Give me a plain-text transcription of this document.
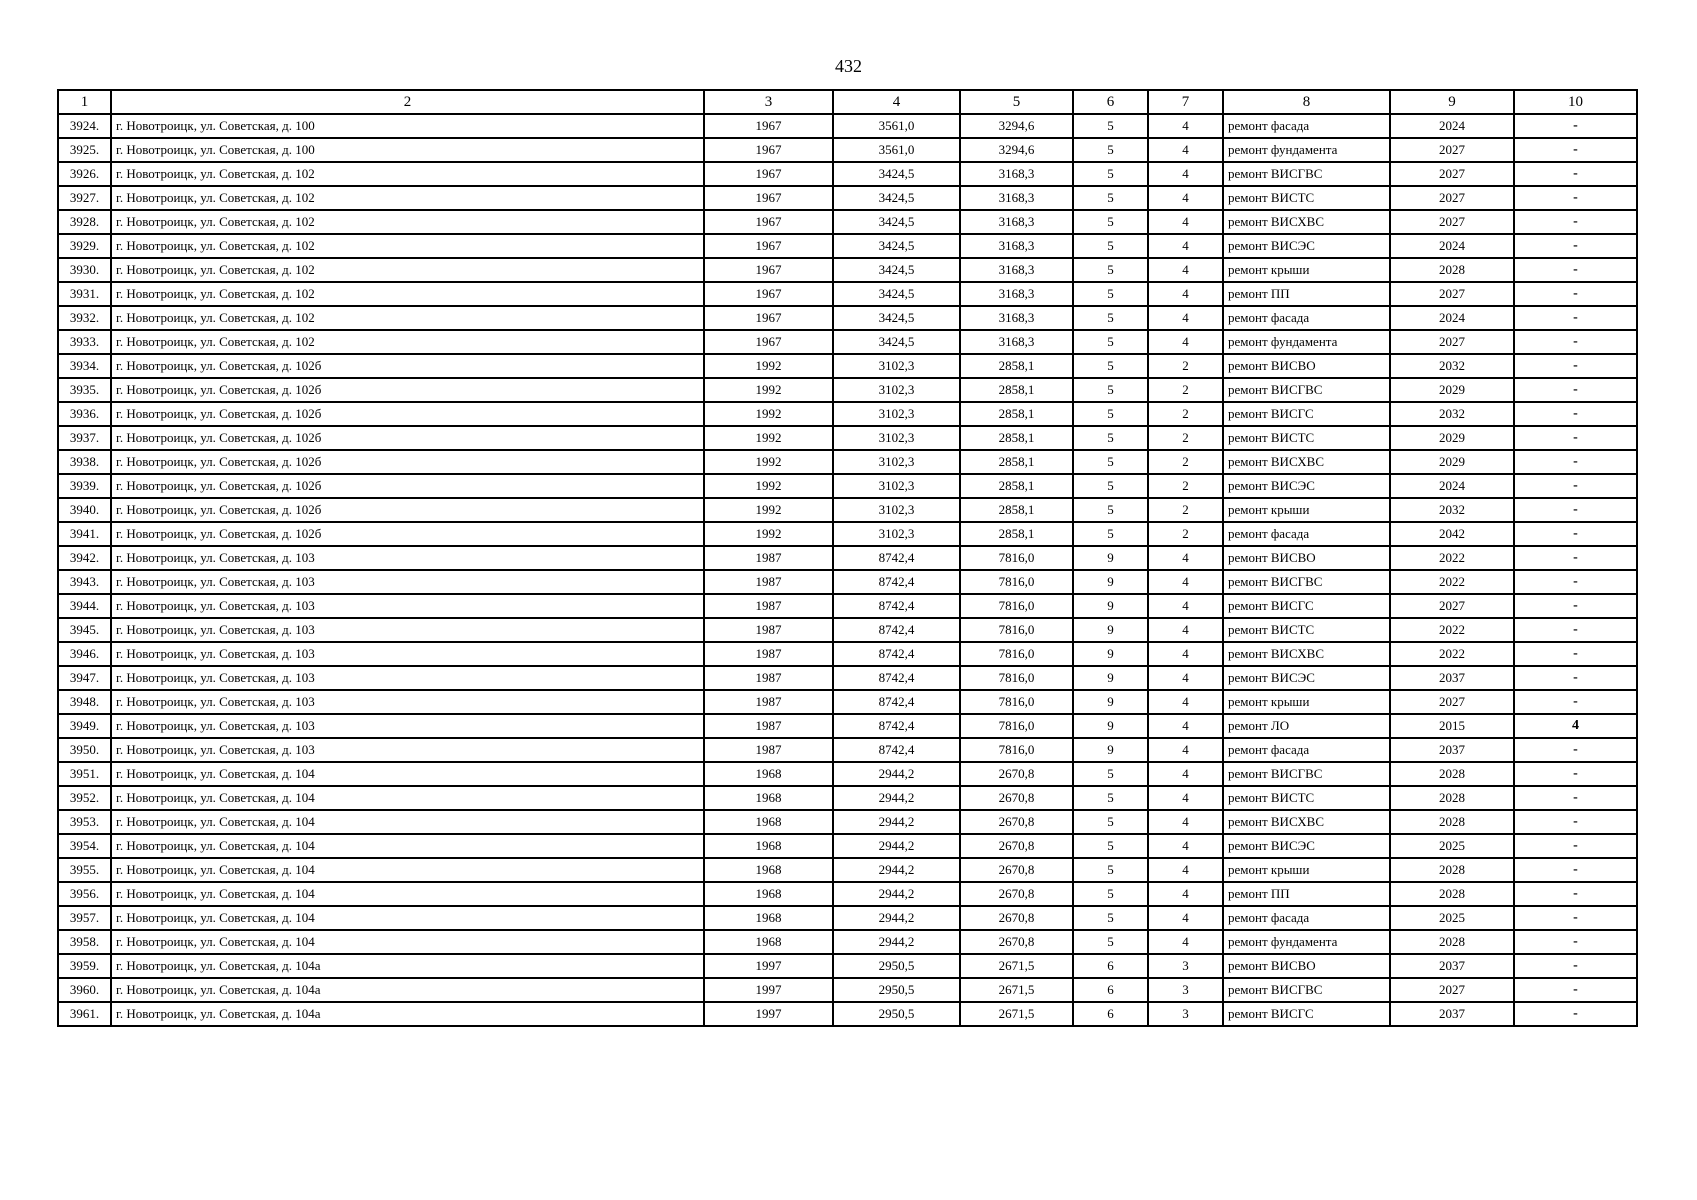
432
1	2	3	4	5	6	7	8	9	10
3924.	г. Новотроицк, ул. Советская, д. 100	1967	3561,0	3294,6	5	4	ремонт фасада	2024	-
3925.	г. Новотроицк, ул. Советская, д. 100	1967	3561,0	3294,6	5	4	ремонт фундамента	2027	-
3926.	г. Новотроицк, ул. Советская, д. 102	1967	3424,5	3168,3	5	4	ремонт ВИСГВС	2027	-
3927.	г. Новотроицк, ул. Советская, д. 102	1967	3424,5	3168,3	5	4	ремонт ВИСТС	2027	-
3928.	г. Новотроицк, ул. Советская, д. 102	1967	3424,5	3168,3	5	4	ремонт ВИСХВС	2027	-
3929.	г. Новотроицк, ул. Советская, д. 102	1967	3424,5	3168,3	5	4	ремонт ВИСЭС	2024	-
3930.	г. Новотроицк, ул. Советская, д. 102	1967	3424,5	3168,3	5	4	ремонт крыши	2028	-
3931.	г. Новотроицк, ул. Советская, д. 102	1967	3424,5	3168,3	5	4	ремонт ПП	2027	-
3932.	г. Новотроицк, ул. Советская, д. 102	1967	3424,5	3168,3	5	4	ремонт фасада	2024	-
3933.	г. Новотроицк, ул. Советская, д. 102	1967	3424,5	3168,3	5	4	ремонт фундамента	2027	-
3934.	г. Новотроицк, ул. Советская, д. 102б	1992	3102,3	2858,1	5	2	ремонт ВИСВО	2032	-
3935.	г. Новотроицк, ул. Советская, д. 102б	1992	3102,3	2858,1	5	2	ремонт ВИСГВС	2029	-
3936.	г. Новотроицк, ул. Советская, д. 102б	1992	3102,3	2858,1	5	2	ремонт ВИСГС	2032	-
3937.	г. Новотроицк, ул. Советская, д. 102б	1992	3102,3	2858,1	5	2	ремонт ВИСТС	2029	-
3938.	г. Новотроицк, ул. Советская, д. 102б	1992	3102,3	2858,1	5	2	ремонт ВИСХВС	2029	-
3939.	г. Новотроицк, ул. Советская, д. 102б	1992	3102,3	2858,1	5	2	ремонт ВИСЭС	2024	-
3940.	г. Новотроицк, ул. Советская, д. 102б	1992	3102,3	2858,1	5	2	ремонт крыши	2032	-
3941.	г. Новотроицк, ул. Советская, д. 102б	1992	3102,3	2858,1	5	2	ремонт фасада	2042	-
3942.	г. Новотроицк, ул. Советская, д. 103	1987	8742,4	7816,0	9	4	ремонт ВИСВО	2022	-
3943.	г. Новотроицк, ул. Советская, д. 103	1987	8742,4	7816,0	9	4	ремонт ВИСГВС	2022	-
3944.	г. Новотроицк, ул. Советская, д. 103	1987	8742,4	7816,0	9	4	ремонт ВИСГС	2027	-
3945.	г. Новотроицк, ул. Советская, д. 103	1987	8742,4	7816,0	9	4	ремонт ВИСТС	2022	-
3946.	г. Новотроицк, ул. Советская, д. 103	1987	8742,4	7816,0	9	4	ремонт ВИСХВС	2022	-
3947.	г. Новотроицк, ул. Советская, д. 103	1987	8742,4	7816,0	9	4	ремонт ВИСЭС	2037	-
3948.	г. Новотроицк, ул. Советская, д. 103	1987	8742,4	7816,0	9	4	ремонт крыши	2027	-
3949.	г. Новотроицк, ул. Советская, д. 103	1987	8742,4	7816,0	9	4	ремонт ЛО	2015	4
3950.	г. Новотроицк, ул. Советская, д. 103	1987	8742,4	7816,0	9	4	ремонт фасада	2037	-
3951.	г. Новотроицк, ул. Советская, д. 104	1968	2944,2	2670,8	5	4	ремонт ВИСГВС	2028	-
3952.	г. Новотроицк, ул. Советская, д. 104	1968	2944,2	2670,8	5	4	ремонт ВИСТС	2028	-
3953.	г. Новотроицк, ул. Советская, д. 104	1968	2944,2	2670,8	5	4	ремонт ВИСХВС	2028	-
3954.	г. Новотроицк, ул. Советская, д. 104	1968	2944,2	2670,8	5	4	ремонт ВИСЭС	2025	-
3955.	г. Новотроицк, ул. Советская, д. 104	1968	2944,2	2670,8	5	4	ремонт крыши	2028	-
3956.	г. Новотроицк, ул. Советская, д. 104	1968	2944,2	2670,8	5	4	ремонт ПП	2028	-
3957.	г. Новотроицк, ул. Советская, д. 104	1968	2944,2	2670,8	5	4	ремонт фасада	2025	-
3958.	г. Новотроицк, ул. Советская, д. 104	1968	2944,2	2670,8	5	4	ремонт фундамента	2028	-
3959.	г. Новотроицк, ул. Советская, д. 104а	1997	2950,5	2671,5	6	3	ремонт ВИСВО	2037	-
3960.	г. Новотроицк, ул. Советская, д. 104а	1997	2950,5	2671,5	6	3	ремонт ВИСГВС	2027	-
3961.	г. Новотроицк, ул. Советская, д. 104а	1997	2950,5	2671,5	6	3	ремонт ВИСГС	2037	-
